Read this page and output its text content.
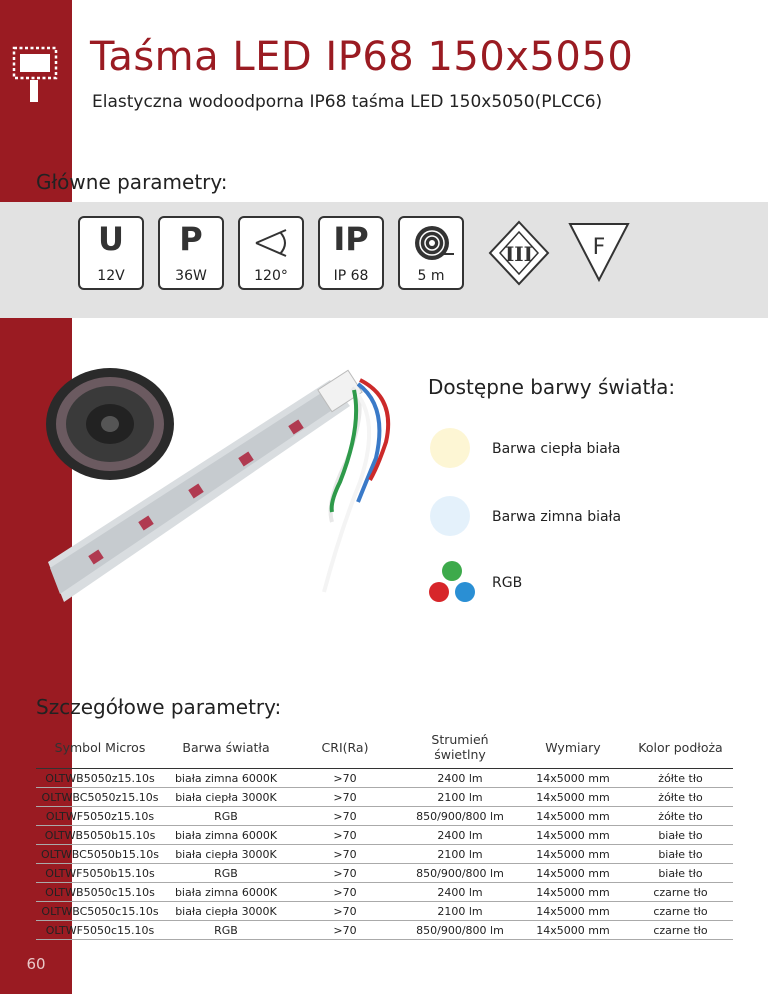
60
Taśma LED IP68 150x5050
Elastyczna wodoodporna IP68 taśma LED 150x5050(PLCC6)
Główne parametry:
U
12V
P
36W	120°
IP
IP 68	5 m
III	F
Dostępne barwy światła:
Barwa ciepła biała
Barwa zimna biała
RGB
Szczegółowe parametry:
Symbol Micros	Barwa światła	CRI(Ra)	Strumień świetlny	Wymiary	Kolor podłoża
OLTWB5050z15.10s	biała zimna 6000K	>70	2400 lm	14x5000 mm	żółte tło
OLTWBC5050z15.10s	biała ciepła 3000K	>70	2100 lm	14x5000 mm	żółte tło
OLTWF5050z15.10s	RGB	>70	850/900/800 lm	14x5000 mm	żółte tło
OLTWB5050b15.10s	biała zimna 6000K	>70	2400 lm	14x5000 mm	białe tło
OLTWBC5050b15.10s	biała ciepła 3000K	>70	2100 lm	14x5000 mm	białe tło
OLTWF5050b15.10s	RGB	>70	850/900/800 lm	14x5000 mm	białe tło
OLTWB5050c15.10s	biała zimna 6000K	>70	2400 lm	14x5000 mm	czarne tło
OLTWBC5050c15.10s	biała ciepła 3000K	>70	2100 lm	14x5000 mm	czarne tło
OLTWF5050c15.10s	RGB	>70	850/900/800 lm	14x5000 mm	czarne tło
